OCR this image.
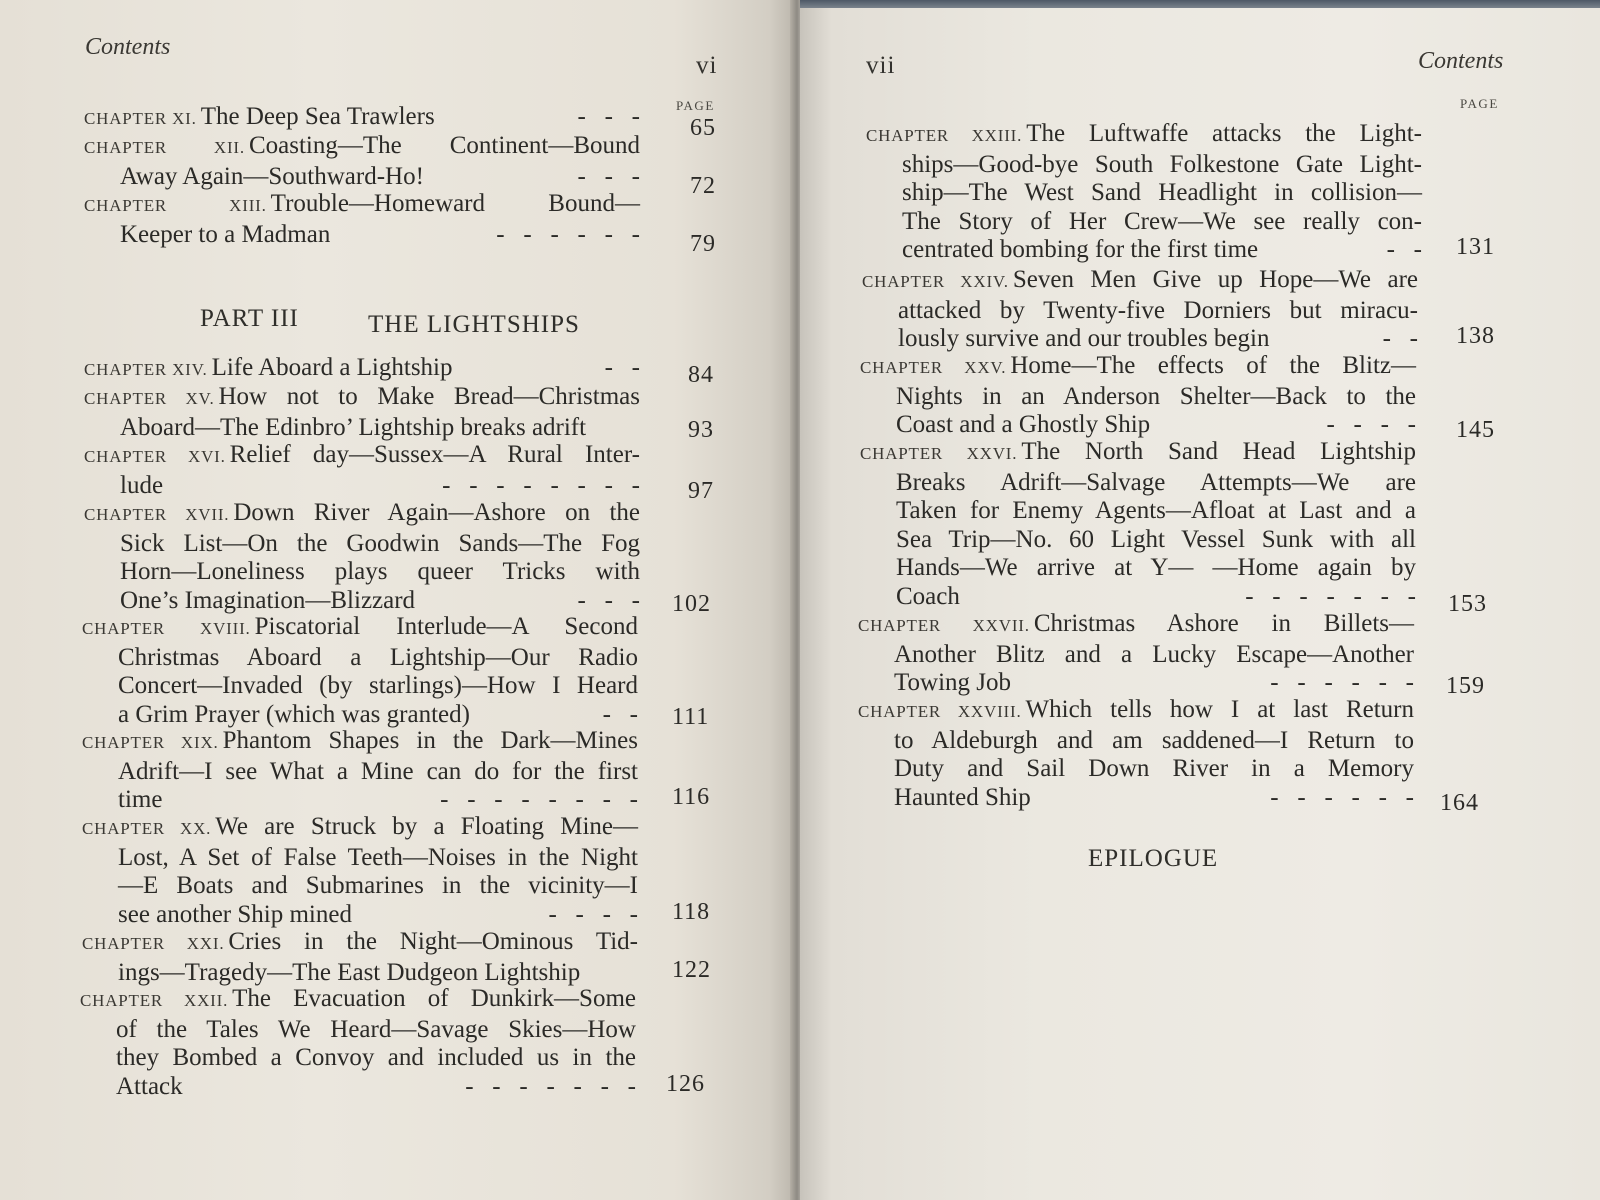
Contents
vi
PAGE
CHAPTER XI. The Deep Sea Trawlers	-   -   - 65
CHAPTER XII. Coasting—The Continent—Bound
Away Again—Southward-Ho!	-   -   - 72
CHAPTER XIII. Trouble—Homeward Bound—
Keeper to a Madman	-   -   -   -   -   - 79
PART III	THE LIGHTSHIPS
CHAPTER XIV. Life Aboard a Lightship	-   - 84
CHAPTER XV. How not to Make Bread—Christmas
Aboard—The Edinbro’ Lightship breaks adrift	93
CHAPTER XVI. Relief day—Sussex—A Rural Inter-
lude	-   -   -   -   -   -   -   - 97
CHAPTER XVII. Down River Again—Ashore on the
Sick List—On the Goodwin Sands—The Fog
Horn—Loneliness plays queer Tricks with
One’s Imagination—Blizzard	-   -   - 102
CHAPTER XVIII. Piscatorial Interlude—A Second
Christmas Aboard a Lightship—Our Radio
Concert—Invaded (by starlings)—How I Heard
a Grim Prayer (which was granted)	-   - 111
CHAPTER XIX. Phantom Shapes in the Dark—Mines
Adrift—I see What a Mine can do for the first
time	-   -   -   -   -   -   -   - 116
CHAPTER XX. We are Struck by a Floating Mine—
Lost, A Set of False Teeth—Noises in the Night
—E Boats and Submarines in the vicinity—I
see another Ship mined	-   -   -   - 118
CHAPTER XXI. Cries in the Night—Ominous Tid-
ings—Tragedy—The East Dudgeon Lightship	122
CHAPTER XXII. The Evacuation of Dunkirk—Some
of the Tales We Heard—Savage Skies—How
they Bombed a Convoy and included us in the
Attack	-   -   -   -   -   -   - 126
vii	Contents
PAGE
CHAPTER XXIII. The Luftwaffe attacks the Light-
ships—Good-bye South Folkestone Gate Light-
ship—The West Sand Headlight in collision—
The Story of Her Crew—We see really con-
centrated bombing for the first time	-   - 131
CHAPTER XXIV. Seven Men Give up Hope—We are
attacked by Twenty-five Dorniers but miracu-
lously survive and our troubles begin	-   - 138
CHAPTER XXV. Home—The effects of the Blitz—
Nights in an Anderson Shelter—Back to the
Coast and a Ghostly Ship	-   -   -   - 145
CHAPTER XXVI. The North Sand Head Lightship
Breaks Adrift—Salvage Attempts—We are
Taken for Enemy Agents—Afloat at Last and a
Sea Trip—No. 60 Light Vessel Sunk with all
Hands—We arrive at Y— —Home again by
Coach	-   -   -   -   -   -   - 153
CHAPTER XXVII. Christmas Ashore in Billets—
Another Blitz and a Lucky Escape—Another
Towing Job	-   -   -   -   -   - 159
CHAPTER XXVIII. Which tells how I at last Return
to Aldeburgh and am saddened—I Return to
Duty and Sail Down River in a Memory
Haunted Ship	-   -   -   -   -   - 164
EPILOGUE
